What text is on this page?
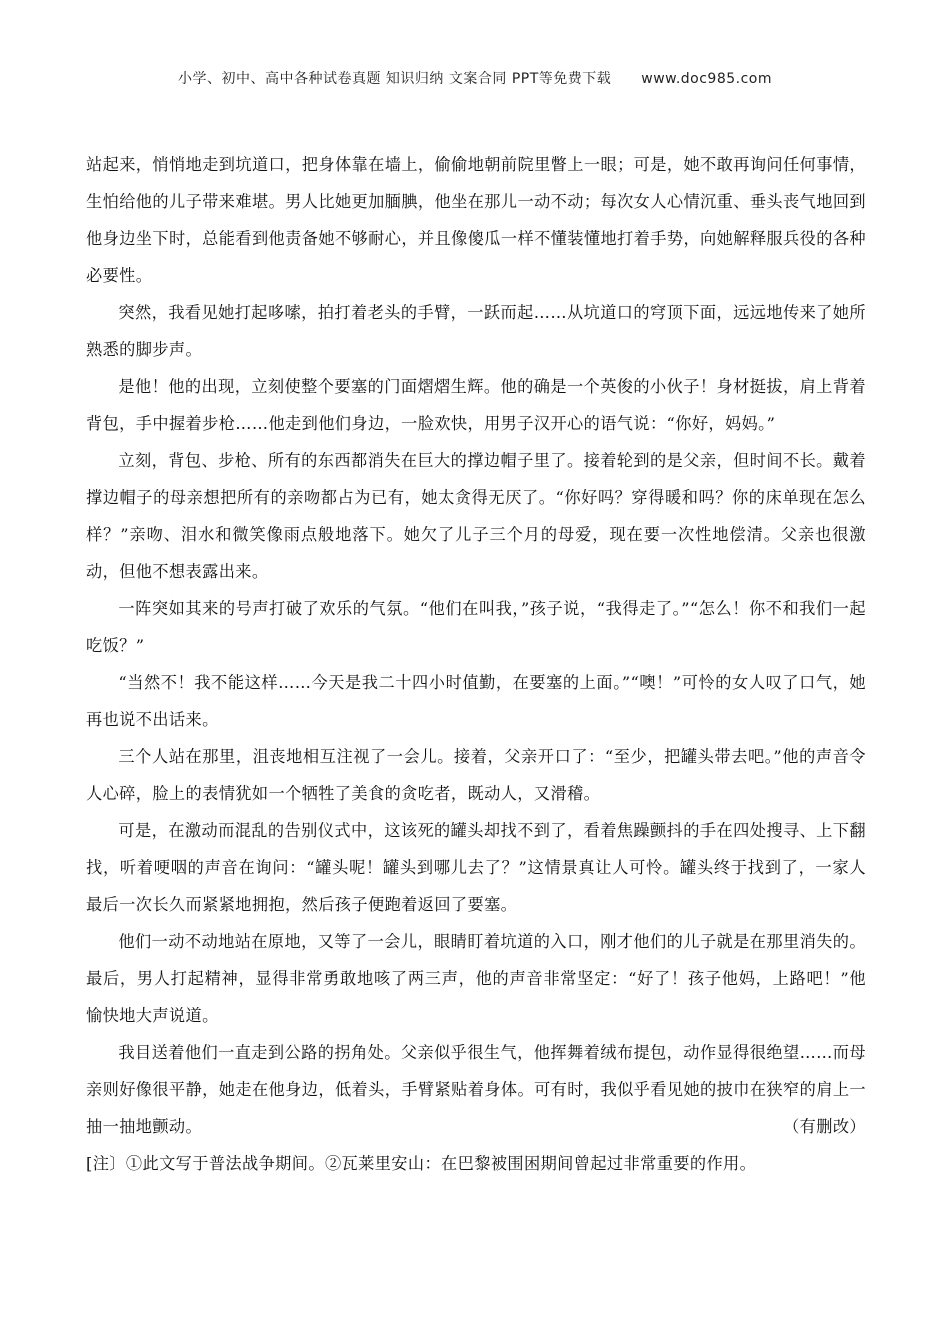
小学、初中、高中各种试卷真题 知识归纳 文案合同 PPT等免费下载 www.doc985.com

站起来，悄悄地走到坑道口，把身体靠在墙上，偷偷地朝前院里瞥上一眼；可是，她不敢再询问任何事情，生怕给他的儿子带来难堪。男人比她更加腼腆，他坐在那儿一动不动；每次女人心情沉重、垂头丧气地回到他身边坐下时，总能看到他责备她不够耐心，并且像傻瓜一样不懂装懂地打着手势，向她解释服兵役的各种必要性。

突然，我看见她打起哆嗦，拍打着老头的手臂，一跃而起……从坑道口的穹顶下面，远远地传来了她所熟悉的脚步声。

是他！他的出现，立刻使整个要塞的门面熠熠生辉。他的确是一个英俊的小伙子！身材挺拔，肩上背着背包，手中握着步枪……他走到他们身边，一脸欢快，用男子汉开心的语气说：“你好，妈妈。”

立刻，背包、步枪、所有的东西都消失在巨大的撑边帽子里了。接着轮到的是父亲，但时间不长。戴着撑边帽子的母亲想把所有的亲吻都占为已有，她太贪得无厌了。“你好吗？穿得暖和吗？你的床单现在怎么样？”亲吻、泪水和微笑像雨点般地落下。她欠了儿子三个月的母爱，现在要一次性地偿清。父亲也很激动，但他不想表露出来。

一阵突如其来的号声打破了欢乐的气氛。“他们在叫我，”孩子说，“我得走了。”“怎么！你不和我们一起吃饭？”

“当然不！我不能这样……今天是我二十四小时值勤，在要塞的上面。”“噢！”可怜的女人叹了口气，她再也说不出话来。

三个人站在那里，沮丧地相互注视了一会儿。接着，父亲开口了：“至少，把罐头带去吧。”他的声音令人心碎，脸上的表情犹如一个牺牲了美食的贪吃者，既动人，又滑稽。

可是，在激动而混乱的告别仪式中，这该死的罐头却找不到了，看着焦躁颤抖的手在四处搜寻、上下翻找，听着哽咽的声音在询问：“罐头呢！罐头到哪儿去了？”这情景真让人可怜。罐头终于找到了，一家人最后一次长久而紧紧地拥抱，然后孩子便跑着返回了要塞。

他们一动不动地站在原地，又等了一会儿，眼睛盯着坑道的入口，刚才他们的儿子就是在那里消失的。最后，男人打起精神，显得非常勇敢地咳了两三声，他的声音非常坚定：“好了！孩子他妈，上路吧！”他愉快地大声说道。

我目送着他们一直走到公路的拐角处。父亲似乎很生气，他挥舞着绒布提包，动作显得很绝望……而母亲则好像很平静，她走在他身边，低着头，手臂紧贴着身体。可有时，我似乎看见她的披巾在狭窄的肩上一抽一抽地颤动。	（有删改）

[注〕①此文写于普法战争期间。②瓦莱里安山：在巴黎被围困期间曾起过非常重要的作用。
